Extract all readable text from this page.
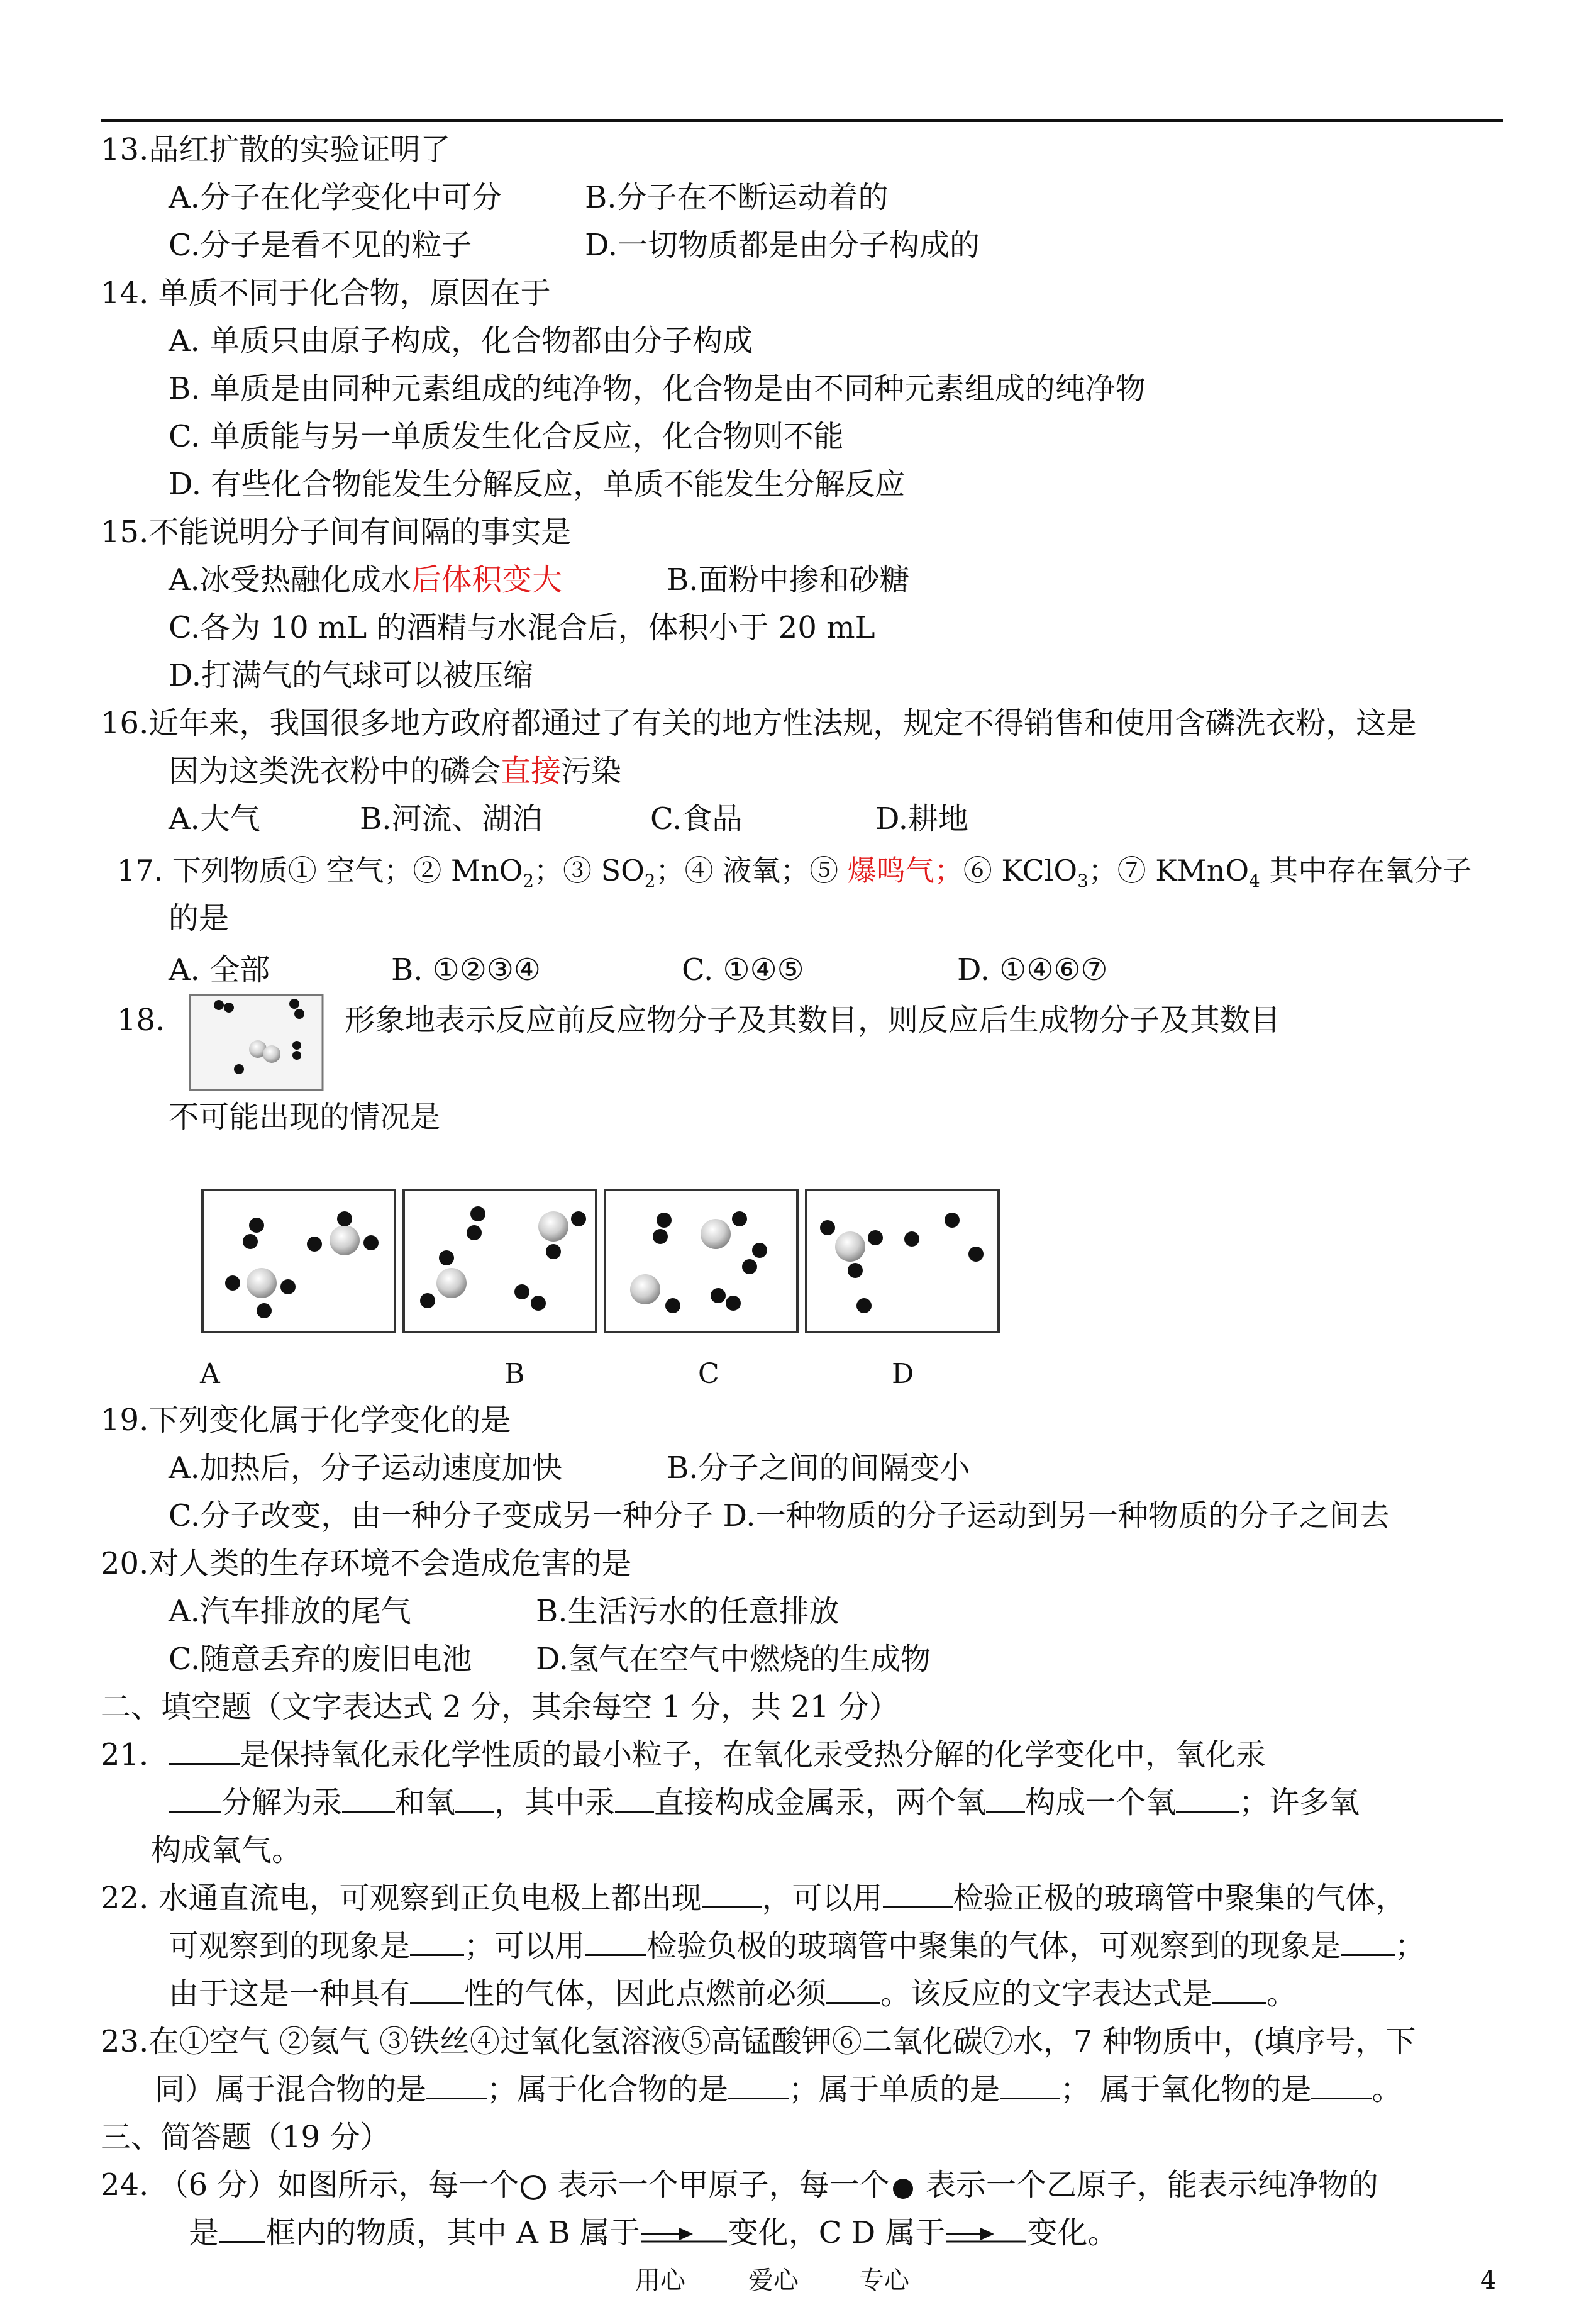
13.品红扩散的实验证明了
A.分子在化学变化中可分	B.分子在不断运动着的
C.分子是看不见的粒子	D.一切物质都是由分子构成的
14. 单质不同于化合物，原因在于
A. 单质只由原子构成，化合物都由分子构成
B. 单质是由同种元素组成的纯净物，化合物是由不同种元素组成的纯净物
C. 单质能与另一单质发生化合反应，化合物则不能
D. 有些化合物能发生分解反应，单质不能发生分解反应
15.不能说明分子间有间隔的事实是
A.冰受热融化成水后体积变大	B.面粉中掺和砂糖
C.各为 10 mL 的酒精与水混合后，体积小于 20 mL
D.打满气的气球可以被压缩
16.近年来，我国很多地方政府都通过了有关的地方性法规，规定不得销售和使用含磷洗衣粉，这是
因为这类洗衣粉中的磷会直接污染
A.大气	B.河流、湖泊	C.食品	D.耕地
17. 下列物质① 空气；② MnO$_2$；③ $SO_2$；④ 液氧；⑤ 爆鸣气；⑥ KClO$_3$；⑦ KMnO$_4$ 其中存在氧分子
的是
A. 全部	B. ①②③④	C. ①④⑤	D. ①④⑥⑦
18.	形象地表示反应前反应物分子及其数目，则反应后生成物分子及其数目
不可能出现的情况是
A	B	C	D
19.下列变化属于化学变化的是
A.加热后，分子运动速度加快	B.分子之间的间隔变小
C.分子改变，由一种分子变成另一种分子 D.一种物质的分子运动到另一种物质的分子之间去
20.对人类的生存环境不会造成危害的是
A.汽车排放的尾气	B.生活污水的任意排放
C.随意丢弃的废旧电池 D.氢气在空气中燃烧的生成物
二、填空题（文字表达式 2 分，其余每空 1 分，共 21 分）
21． 是保持氧化汞化学性质的最小粒子，在氧化汞受热分解的化学变化中，氧化汞
分解为汞 和氧 ，其中汞 直接构成金属汞，两个氧 构成一个氧 ；许多氧
构成氧气。
22. 水通直流电，可观察到正负电极上都出现 ，可以用 检验正极的玻璃管中聚集的气体，
可观察到的现象是 ；可以用 检验负极的玻璃管中聚集的气体，可观察到的现象是 ；
由于这是一种具有 性的气体，因此点燃前必须 。该反应的文字表达式是 。
23.在①空气 ②氦气 ③铁丝④过氧化氢溶液⑤高锰酸钾⑥二氧化碳⑦水，7 种物质中，(填序号，下
同）属于混合物的是 ；属于化合物的是 ；属于单质的是 ； 属于氧化物的是 。
三、简答题（19 分）
24. （6 分）如图所示，每一个 表示一个甲原子，每一个 表示一个乙原子，能表示纯净物的
是 框内的物质，其中 A B 属于	变化，C D 属于	变化。
用心	爱心 专心	4
